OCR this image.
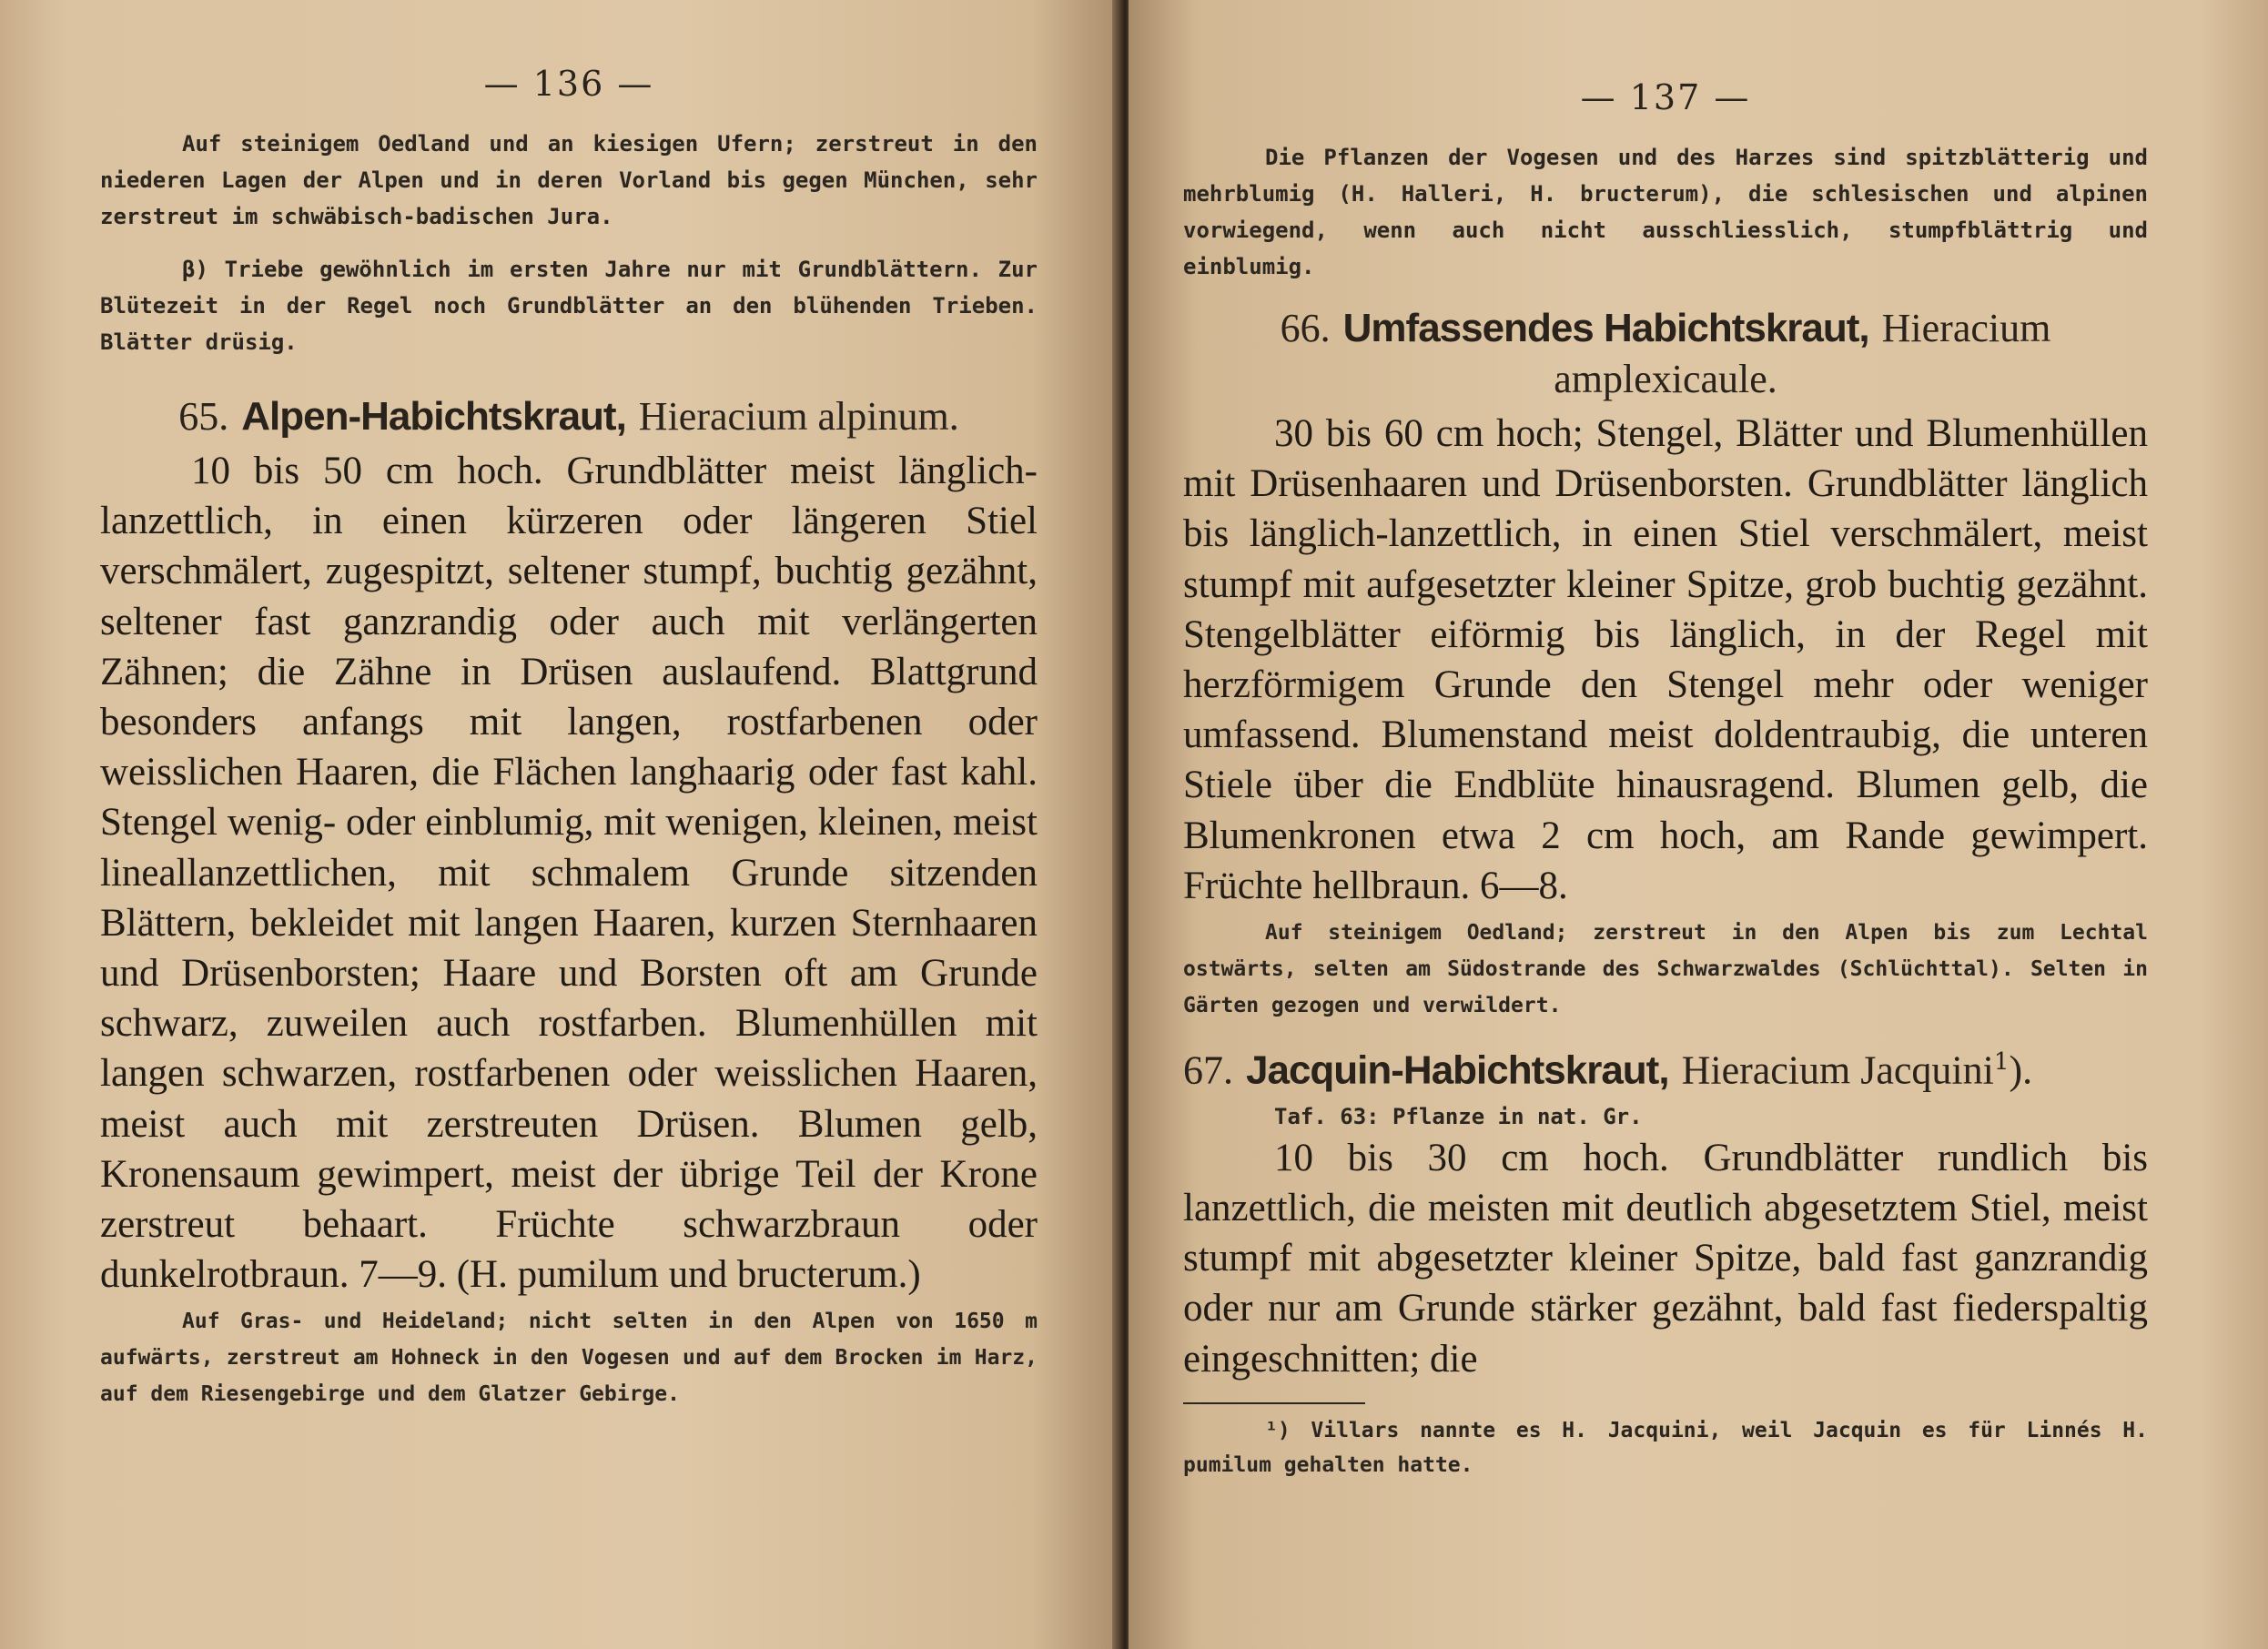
— 136 —

Auf steinigem Oedland und an kiesigen Ufern; zerstreut in den niederen Lagen der Alpen und in deren Vorland bis gegen München, sehr zerstreut im schwäbisch-badischen Jura.

β) Triebe gewöhnlich im ersten Jahre nur mit Grundblättern. Zur Blütezeit in der Regel noch Grundblätter an den blühenden Trieben. Blätter drüsig.

65. Alpen-Habichtskraut, Hieracium alpinum.

10 bis 50 cm hoch. Grundblätter meist länglich-lanzettlich, in einen kürzeren oder längeren Stiel verschmälert, zugespitzt, seltener stumpf, buchtig gezähnt, seltener fast ganzrandig oder auch mit verlängerten Zähnen; die Zähne in Drüsen auslaufend. Blattgrund besonders anfangs mit langen, rostfarbenen oder weisslichen Haaren, die Flächen langhaarig oder fast kahl. Stengel wenig- oder einblumig, mit wenigen, kleinen, meist lineallanzettlichen, mit schmalem Grunde sitzenden Blättern, bekleidet mit langen Haaren, kurzen Sternhaaren und Drüsenborsten; Haare und Borsten oft am Grunde schwarz, zuweilen auch rostfarben. Blumenhüllen mit langen schwarzen, rostfarbenen oder weisslichen Haaren, meist auch mit zerstreuten Drüsen. Blumen gelb, Kronensaum gewimpert, meist der übrige Teil der Krone zerstreut behaart. Früchte schwarzbraun oder dunkelrotbraun. 7—9. (H. pumilum und bructerum.)

Auf Gras- und Heideland; nicht selten in den Alpen von 1650 m aufwärts, zerstreut am Hohneck in den Vogesen und auf dem Brocken im Harz, auf dem Riesengebirge und dem Glatzer Gebirge.

— 137 —

Die Pflanzen der Vogesen und des Harzes sind spitzblätterig und mehrblumig (H. Halleri, H. bructerum), die schlesischen und alpinen vorwiegend, wenn auch nicht ausschliesslich, stumpfblättrig und einblumig.

66. Umfassendes Habichtskraut, Hieracium amplexicaule.

30 bis 60 cm hoch; Stengel, Blätter und Blumenhüllen mit Drüsenhaaren und Drüsenborsten. Grundblätter länglich bis länglich-lanzettlich, in einen Stiel verschmälert, meist stumpf mit aufgesetzter kleiner Spitze, grob buchtig gezähnt. Stengelblätter eiförmig bis länglich, in der Regel mit herzförmigem Grunde den Stengel mehr oder weniger umfassend. Blumenstand meist doldentraubig, die unteren Stiele über die Endblüte hinausragend. Blumen gelb, die Blumenkronen etwa 2 cm hoch, am Rande gewimpert. Früchte hellbraun. 6—8.

Auf steinigem Oedland; zerstreut in den Alpen bis zum Lechtal ostwärts, selten am Südostrande des Schwarzwaldes (Schlüchttal). Selten in Gärten gezogen und verwildert.

67. Jacquin-Habichtskraut, Hieracium Jacquini$^1$).
Taf. 63: Pflanze in nat. Gr.

10 bis 30 cm hoch. Grundblätter rundlich bis lanzettlich, die meisten mit deutlich abgesetztem Stiel, meist stumpf mit abgesetzter kleiner Spitze, bald fast ganzrandig oder nur am Grunde stärker gezähnt, bald fast fiederspaltig eingeschnitten; die

¹) Villars nannte es H. Jacquini, weil Jacquin es für Linnés H. pumilum gehalten hatte.
